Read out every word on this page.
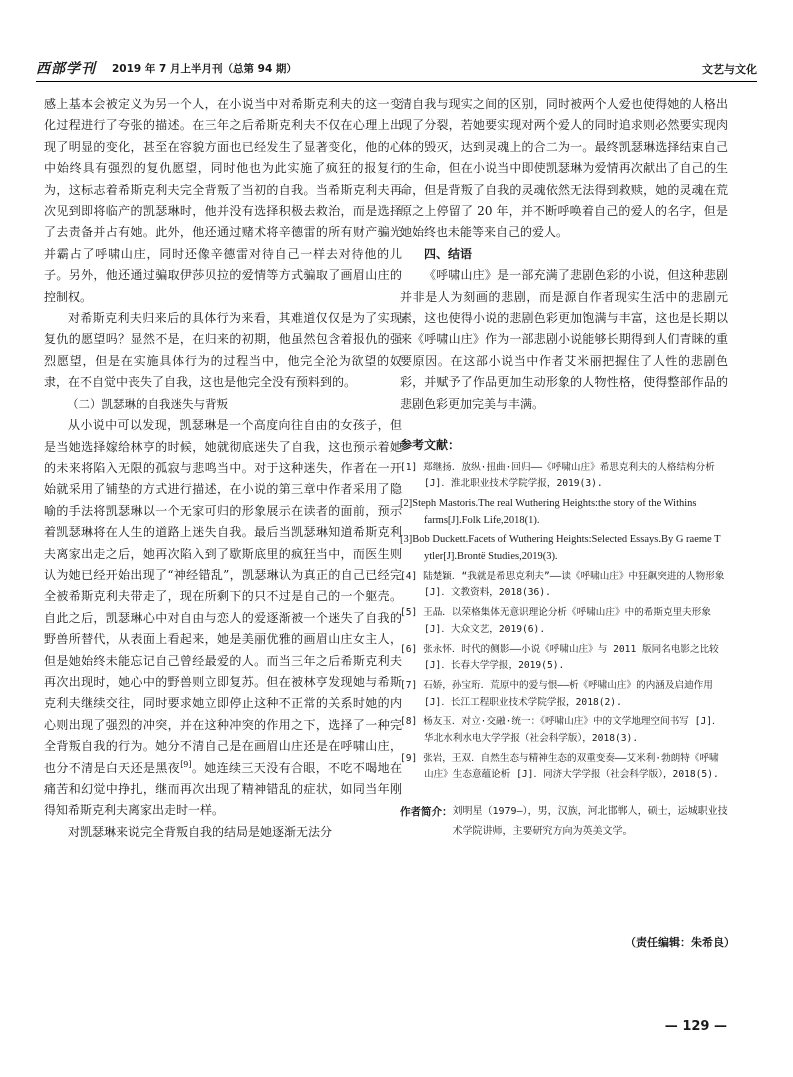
西部学刊 2019 年 7 月上半月刊（总第 94 期）	文艺与文化

感上基本会被定义为另一个人，在小说当中对希斯克利夫的这一变化过程进行了夸张的描述。在三年之后希斯克利夫不仅在心理上出现了明显的变化，甚至在容貌方面也已经发生了显著变化，他的心中始终具有强烈的复仇愿望，同时他也为此实施了疯狂的报复行为，这标志着希斯克利夫完全背叛了当初的自我。当希斯克利夫再次见到即将临产的凯瑟琳时，他并没有选择积极去救治，而是选择了去责备并占有她。此外，他还通过赌术将辛德雷的所有财产骗光并霸占了呼啸山庄，同时还像辛德雷对待自己一样去对待他的儿子。另外，他还通过骗取伊莎贝拉的爱情等方式骗取了画眉山庄的控制权。

对希斯克利夫归来后的具体行为来看，其难道仅仅是为了实现复仇的愿望吗？显然不是，在归来的初期，他虽然包含着报仇的强烈愿望，但是在实施具体行为的过程当中，他完全沦为欲望的奴隶，在不自觉中丧失了自我，这也是他完全没有预料到的。

（二）凯瑟琳的自我迷失与背叛

从小说中可以发现，凯瑟琳是一个高度向往自由的女孩子，但是当她选择嫁给林亨的时候，她就彻底迷失了自我，这也预示着她的未来将陷入无限的孤寂与悲鸣当中。对于这种迷失，作者在一开始就采用了铺垫的方式进行描述，在小说的第三章中作者采用了隐喻的手法将凯瑟琳以一个无家可归的形象展示在读者的面前，预示着凯瑟琳将在人生的道路上迷失自我。最后当凯瑟琳知道希斯克利夫离家出走之后，她再次陷入到了歇斯底里的疯狂当中，而医生则认为她已经开始出现了“神经错乱”，凯瑟琳认为真正的自己已经完全被希斯克利夫带走了，现在所剩下的只不过是自己的一个躯壳。自此之后，凯瑟琳心中对自由与恋人的爱逐渐被一个迷失了自我的野兽所替代，从表面上看起来，她是美丽优雅的画眉山庄女主人，但是她始终未能忘记自己曾经最爱的人。而当三年之后希斯克利夫再次出现时，她心中的野兽则立即复苏。但在被林亨发现她与希斯克利夫继续交往，同时要求她立即停止这种不正常的关系时她的内心则出现了强烈的冲突，并在这种冲突的作用之下，选择了一种完全背叛自我的行为。她分不清自己是在画眉山庄还是在呼啸山庄，也分不清是白天还是黑夜[9]。她连续三天没有合眼，不吃不喝地在痛苦和幻觉中挣扎，继而再次出现了精神错乱的症状，如同当年刚得知希斯克利夫离家出走时一样。

对凯瑟琳来说完全背叛自我的结局是她逐渐无法分

清自我与现实之间的区别，同时被两个人爱也使得她的人格出现了分裂，若她要实现对两个爱人的同时追求则必然要实现肉体的毁灭，达到灵魂上的合二为一。最终凯瑟琳选择结束自己的生命，但在小说当中即使凯瑟琳为爱情再次献出了自己的生命，但是背叛了自我的灵魂依然无法得到救赎，她的灵魂在荒原之上停留了 20 年，并不断呼唤着自己的爱人的名字，但是她始终也未能等来自己的爱人。

四、结语

《呼啸山庄》是一部充满了悲剧色彩的小说，但这种悲剧并非是人为刻画的悲剧，而是源自作者现实生活中的悲剧元素，这也使得小说的悲剧色彩更加饱满与丰富，这也是长期以来《呼啸山庄》作为一部悲剧小说能够长期得到人们青睐的重要原因。在这部小说当中作者艾米丽把握住了人性的悲剧色彩，并赋予了作品更加生动形象的人物性格，使得整部作品的悲剧色彩更加完美与丰满。

参考文献：

[1] 郑继扬．放纵·扭曲·回归——《呼啸山庄》希思克利夫的人格结构分析 [J]．淮北职业技术学院学报，2019(3).

[2]Steph Mastoris.The real Wuthering Heights:the story of the Withins farms[J].Folk Life,2018(1).

[3]Bob Duckett.Facets of Wuthering Heights:Selected Essays.By G raeme T ytler[J].Brontë Studies,2019(3).

[4] 陆楚颖．“我就是希思克利夫”——读《呼啸山庄》中狂飙突进的人物形象 [J]．文教资料，2018(36).

[5] 王晶．以荣格集体无意识理论分析《呼啸山庄》中的希斯克里夫形象 [J]．大众文艺，2019(6).

[6] 张永怀．时代的侧影——小说《呼啸山庄》与 2011 版同名电影之比较 [J]．长春大学学报，2019(5).

[7] 石娇，孙宝珩．荒原中的爱与恨——析《呼啸山庄》的内涵及启迪作用 [J]．长江工程职业技术学院学报，2018(2).

[8] 杨友玉．对立·交融·统一：《呼啸山庄》中的文学地理空间书写 [J]．华北水利水电大学学报（社会科学版），2018(3).

[9] 张岩，王双．自然生态与精神生态的双重变奏——艾米利·勃朗特《呼啸山庄》生态意蕴论析 [J]．同济大学学报（社会科学版），2018(5).

作者简介： 刘明星（1979—），男，汉族，河北邯郸人，硕士，运城职业技术学院讲师，主要研究方向为英美文学。
（责任编辑：朱希良）
— 129 —
